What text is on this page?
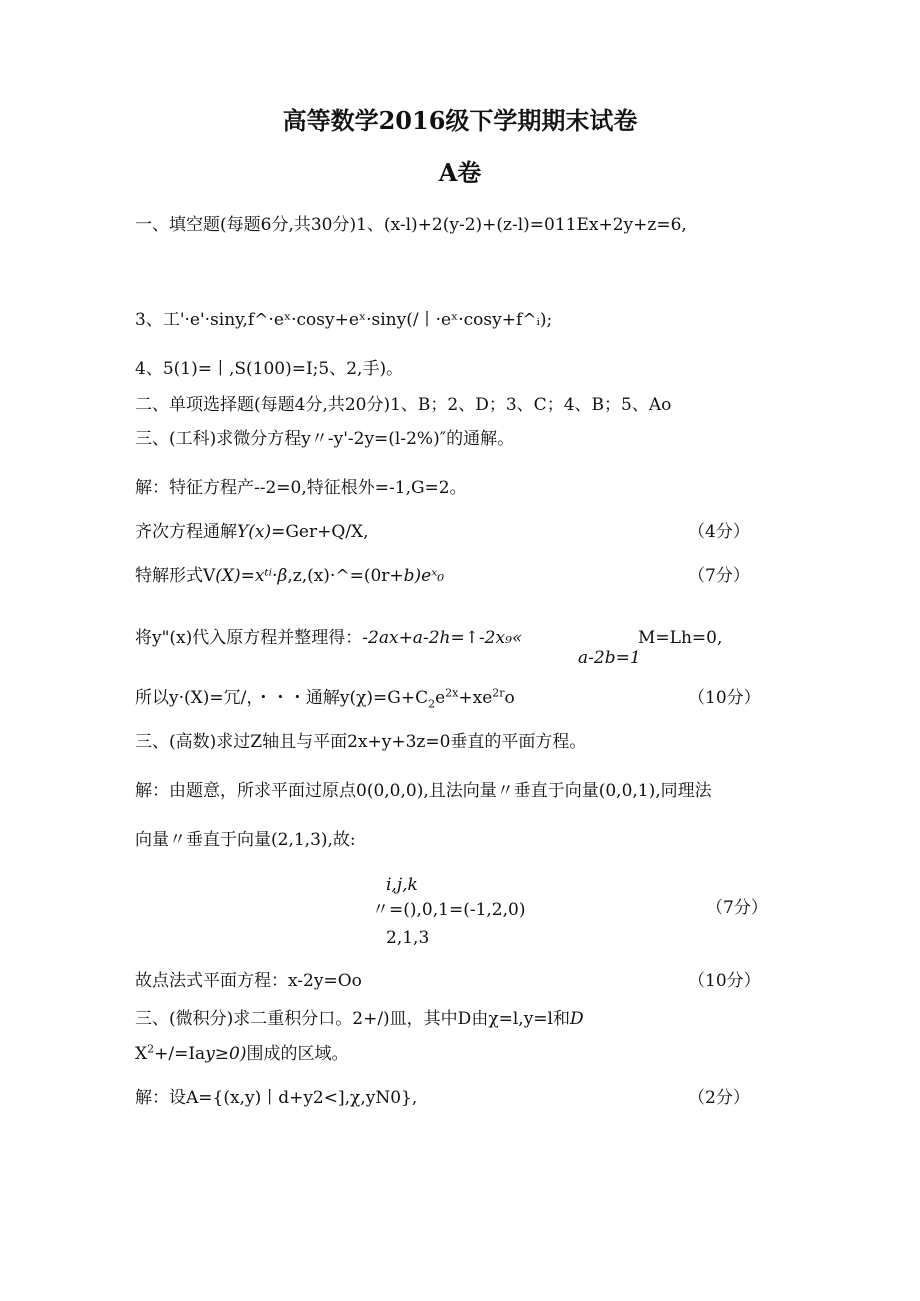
高等数学2016级下学期期末试卷
A卷
一、填空题(每题6分,共30分)1、(x-l)+2(y-2)+(z-l)=011Ex+2y+z=6,
3、工'·e'·siny,f^·eˣ·cosy+eˣ·siny(/丨·eˣ·cosy+f^ᵢ);
4、5(1)=丨,S(100)=I;5、2,手)。
二、单项选择题(每题4分,共20分)1、B；2、D；3、C；4、B；5、Ao
三、(工科)求微分方程y〃-y'-2y=(l-2%)″的通解。
解：特征方程产--2=0,特征根外=-1,G=2。
齐次方程通解Y(x)=Ger+Q/X,	（4分）
特解形式V(X)=xᵗⁱ·β,z,(x)·^=(0r+b)eˣ₀	（7分）
将y"(x)代入原方程并整理得：-2ax+a-2h=↑-2x₉«	M=Lh=0,
a-2b=1
所以y·(X)=冗/，・・・通解$y(\chi)=G+C_2e^{2x}+xe^{2r}o$	（10分）
三、(高数)求过Z轴且与平面2x+y+3z=0垂直的平面方程。
解：由题意，所求平面过原点0(0,0,0),且法向量〃垂直于向量(0,0,1),同理法
向量〃垂直于向量(2,1,3),故:
i,j,k
〃=(),0,1=(-1,2,0)
2,1,3
（7分）
故点法式平面方程：x-2y=Oo	（10分）
三、(微积分)求二重积分口。2+/)皿，其中D由χ=l,y=l和D
$X^2+/=Iay\ge 0$)围成的区域。
解：设A={(x,y)丨d+y2<],χ,yN0},	（2分）
